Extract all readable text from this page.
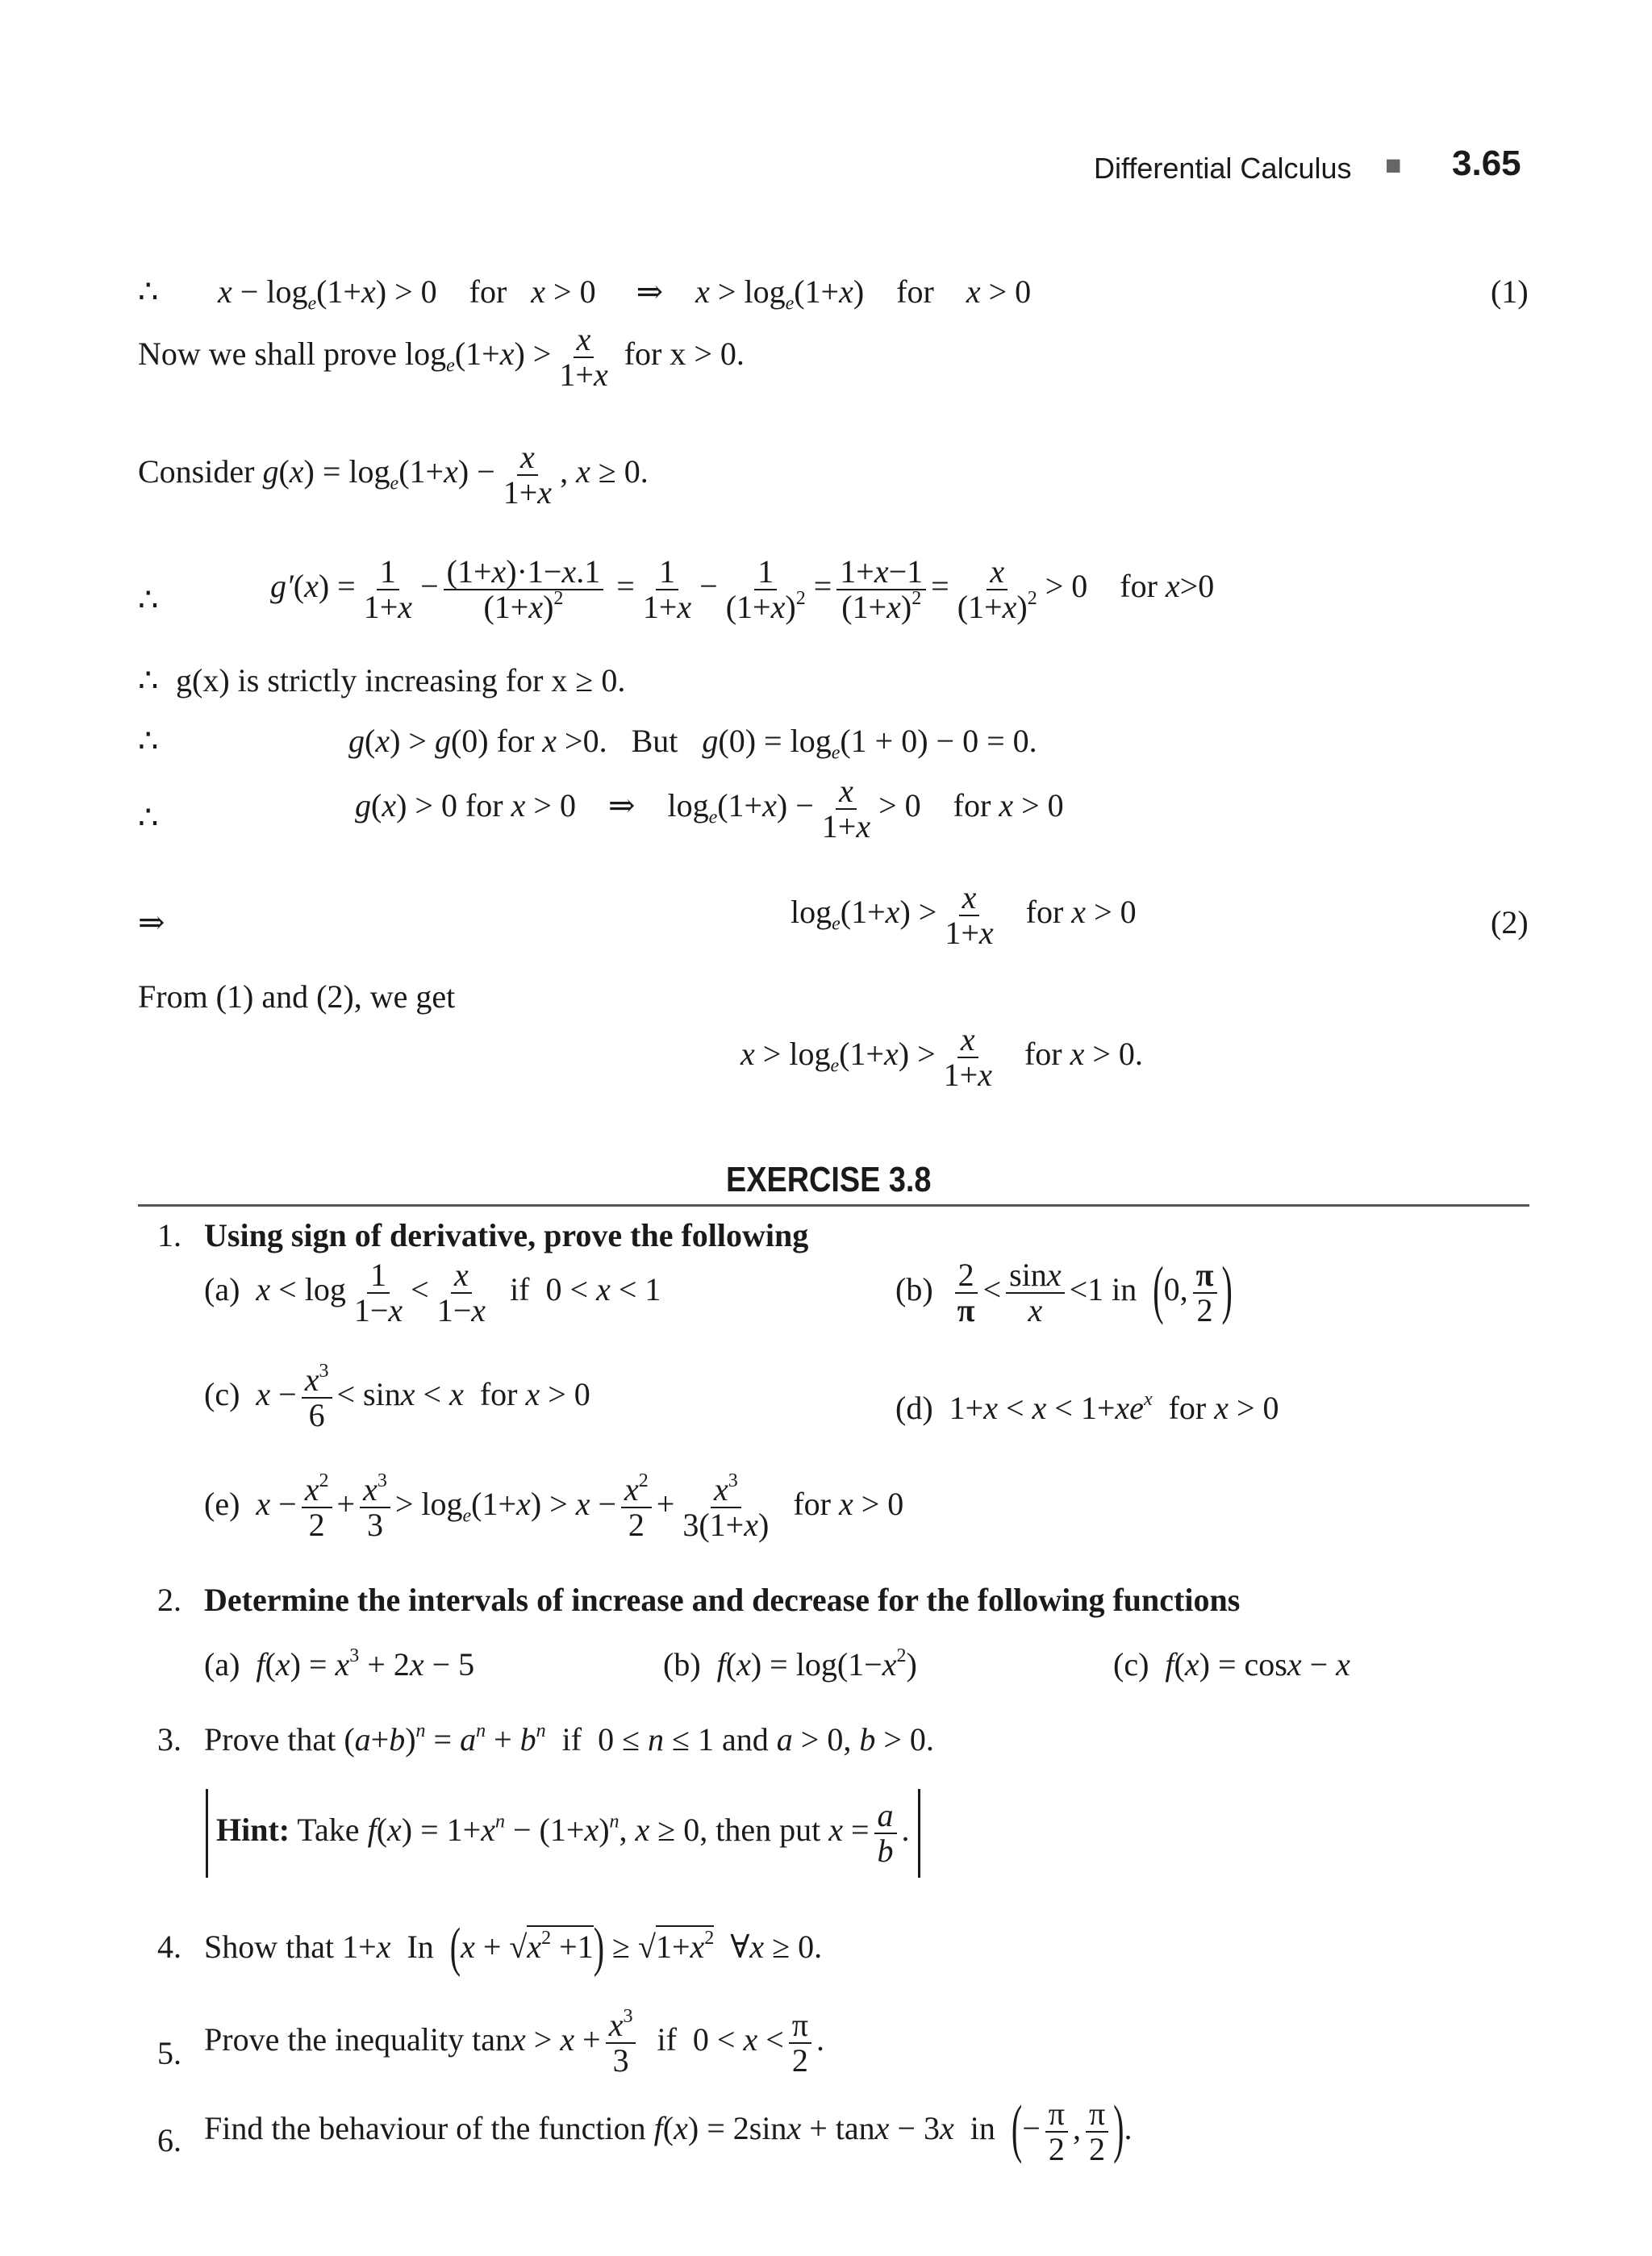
Differential Calculus ■ 3.65
∴ $x - \log_e(1+x) > 0$    for   x > 0     ⇒    $x > \log_e(1+x)$    for    x > 0	(1)
Now we shall prove $\log_e(1+x) > \frac{x}{1+x}$ for x > 0.
Consider $g(x) = \log_e(1+x) - \frac{x}{1+x}$ , x ≥ 0.
∴	$g'(x) = \frac{1}{1+x} - \frac{(1+x)\cdot 1-x.1}{(1+x)^2} = \frac{1}{1+x} - \frac{1}{(1+x)^2} = \frac{1+x-1}{(1+x)^2} = \frac{x}{(1+x)^2} > 0$    for x>0
∴ g(x) is strictly increasing for x ≥ 0.
∴	g(x) > g(0) for x >0.   But $g(0) = \log_e(1 + 0) - 0 = 0$.
∴	g(x) > 0 for x > 0    ⇒    $\log_e(1+x) - \frac{x}{1+x} > 0$    for x > 0
⇒	$\log_e(1+x) > \frac{x}{1+x}$ for x > 0	(2)
From (1) and (2), we get
$x > \log_e(1+x) > \frac{x}{1+x}$ for x > 0.
EXERCISE 3.8
1. Using sign of derivative, prove the following
(a)  $x < \log \frac{1}{1-x} < \frac{x}{1-x}$ if  0 < x < 1	$(b) \frac{2}{\pi} < \frac{\sin x}{x} <1$ in  (0, $\frac{\pi}{2}$ )
(c)  $x - \frac{x^3}{6} < \sin x < x$  for x > 0	(d)  $1+x < x < 1+xe^x$  for x > 0
(e)  $x - \frac{x^2}{2} + \frac{x^3}{3} > \log_e(1+x) > x - \frac{x^2}{2} + \frac{x^3}{3(1+x)}$ for x > 0
2. Determine the intervals of increase and decrease for the following functions
(a)  $f(x) = x^3 + 2x - 5$	(b)  $f(x) = \log(1-x^2)$	(c)  f(x) = cosx − x
3. Prove that $(a+b)^n = a^n + b^n$  if  0 ≤ n ≤ 1 and a > 0, b > 0.
Hint: Take $f(x) = 1+x^n - (1+x)^n$, x ≥ 0, then put $x = \frac{a}{b}$ .
4. Show that 1+x  In  $(x + √x^2 +1) \ge √1+x^2$  ∀x ≥ 0.
5. Prove the inequality $\tan x > x + \frac{x^3}{3}$ if  $0 < x < \frac{\pi}{2}$ .
6. Find the behaviour of the function f(x) = 2sinx + tanx − 3x  in  (− $\frac{\pi}{2}$ , $\frac{\pi}{2}$ ).
